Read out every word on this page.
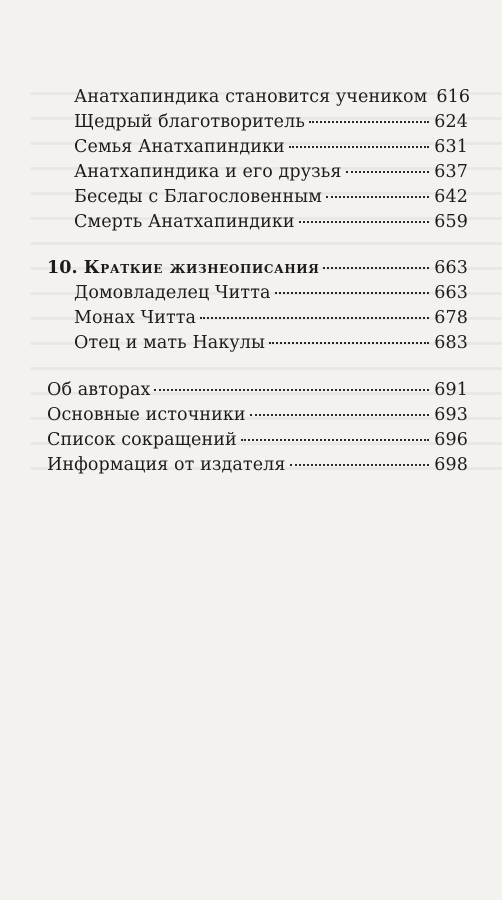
Анатхапиндика становится учеником 616
Щедрый благотворитель	624
Семья Анатхапиндики	631
Анатхапиндика и его друзья	637
Беседы с Благословенным	642
Смерть Анатхапиндики	659
10. Краткие жизнеописания	663
Домовладелец Читта	663
Монах Читта	678
Отец и мать Накулы	683
Об авторах	691
Основные источники	693
Список сокращений	696
Информация от издателя	698
